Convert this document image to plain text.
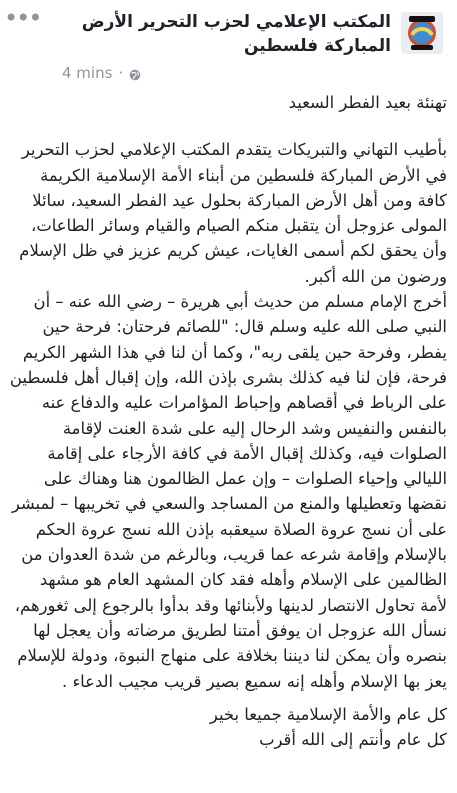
•••	المكتب الإعلامي لحزب التحرير الأرض المباركة فلسطين
4 mins ·

تهنئة بعيد الفطر السعيد

بأطيب التهاني والتبريكات يتقدم المكتب الإعلامي لحزب التحرير في الأرض المباركة فلسطين من أبناء الأمة الإسلامية الكريمة كافة ومن أهل الأرض المباركة بحلول عيد الفطر السعيد، سائلا المولى عزوجل أن يتقبل منكم الصيام والقيام وسائر الطاعات، وأن يحقق لكم أسمى الغايات، عيش كريم عزيز في ظل الإسلام ورضون من الله أكبر.

أخرج الإمام مسلم من حديث أبي هريرة – رضي الله عنه – أن النبي صلى الله عليه وسلم قال: "للصائم فرحتان: فرحة حين يفطر، وفرحة حين يلقى ربه"، وكما أن لنا في هذا الشهر الكريم فرحة، فإن لنا فيه كذلك بشرى بإذن الله، وإن إقبال أهل فلسطين على الرباط في أقصاهم وإحباط المؤامرات عليه والدفاع عنه بالنفس والنفيس وشد الرحال إليه على شدة العنت لإقامة الصلوات فيه، وكذلك إقبال الأمة في كافة الأرجاء على إقامة الليالي وإحياء الصلوات – وإن عمل الظالمون هنا وهناك على نقضها وتعطيلها والمنع من المساجد والسعي في تخريبها – لمبشر على أن نسج عروة الصلاة سيعقبه بإذن الله نسج عروة الحكم بالإسلام وإقامة شرعه عما قريب، وبالرغم من شدة العدوان من الظالمين على الإسلام وأهله فقد كان المشهد العام هو مشهد لأمة تحاول الانتصار لدينها ولأبنائها وقد بدأوا بالرجوع إلى ثغورهم، نسأل الله عزوجل ان يوفق أمتنا لطريق مرضاته وأن يعجل لها بنصره وأن يمكن لنا ديننا بخلافة على منهاج النبوة، ودولة للإسلام يعز بها الإسلام وأهله إنه سميع بصير قريب مجيب الدعاء .

كل عام والأمة الإسلامية جميعا بخير

كل عام وأنتم إلى الله أقرب
